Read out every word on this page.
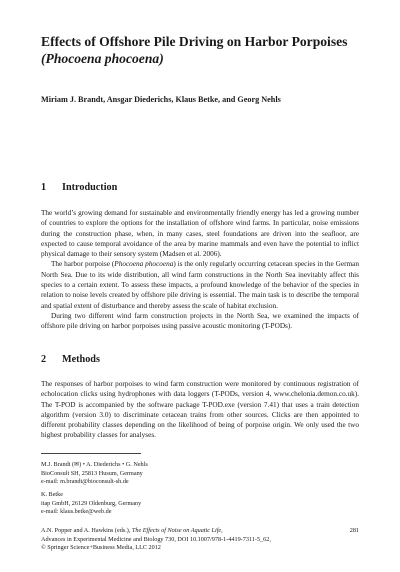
Effects of Offshore Pile Driving on Harbor Porpoises (Phocoena phocoena)
Miriam J. Brandt, Ansgar Diederichs, Klaus Betke, and Georg Nehls
1 Introduction

The world’s growing demand for sustainable and environmentally friendly energy has led a growing number of countries to explore the options for the installation of offshore wind farms. In particular, noise emissions during the construction phase, when, in many cases, steel foundations are driven into the seafloor, are expected to cause temporal avoidance of the area by marine mammals and even have the potential to inflict physical damage to their sensory system (Madsen et al. 2006).

The harbor porpoise (Phocoena phocoena) is the only regularly occurring cetacean species in the German North Sea. Due to its wide distribution, all wind farm constructions in the North Sea inevitably affect this species to a certain extent. To assess these impacts, a profound knowledge of the behavior of the species in relation to noise levels created by offshore pile driving is essential. The main task is to describe the temporal and spatial extent of disturbance and thereby assess the scale of habitat exclusion.

During two different wind farm construction projects in the North Sea, we examined the impacts of offshore pile driving on harbor porpoises using passive acoustic monitoring (T-PODs).

2 Methods

The responses of harbor porpoises to wind farm construction were monitored by continuous registration of echolocation clicks using hydrophones with data loggers (T-PODs, version 4, www.chelonia.demon.co.uk). The T-POD is accompanied by the software package T-POD.exe (version 7.41) that uses a train detection algorithm (version 3.0) to discriminate cetacean trains from other sources. Clicks are then appointed to different probability classes depending on the likelihood of being of porpoise origin. We only used the two highest probability classes for analyses.

M.J. Brandt (✉) • A. Diederichs • G. Nehls
BioConsult SH, 25813 Husum, Germany
e-mail: m.brandt@bioconsult-sh.de
K. Betke
itap GmbH, 26129 Oldenburg, Germany
e-mail: klaus.betke@web.de
A.N. Popper and A. Hawkins (eds.), The Effects of Noise on Aquatic Life,
Advances in Experimental Medicine and Biology 730, DOI 10.1007/978-1-4419-7311-5_62,
© Springer Science+Business Media, LLC 2012
281
